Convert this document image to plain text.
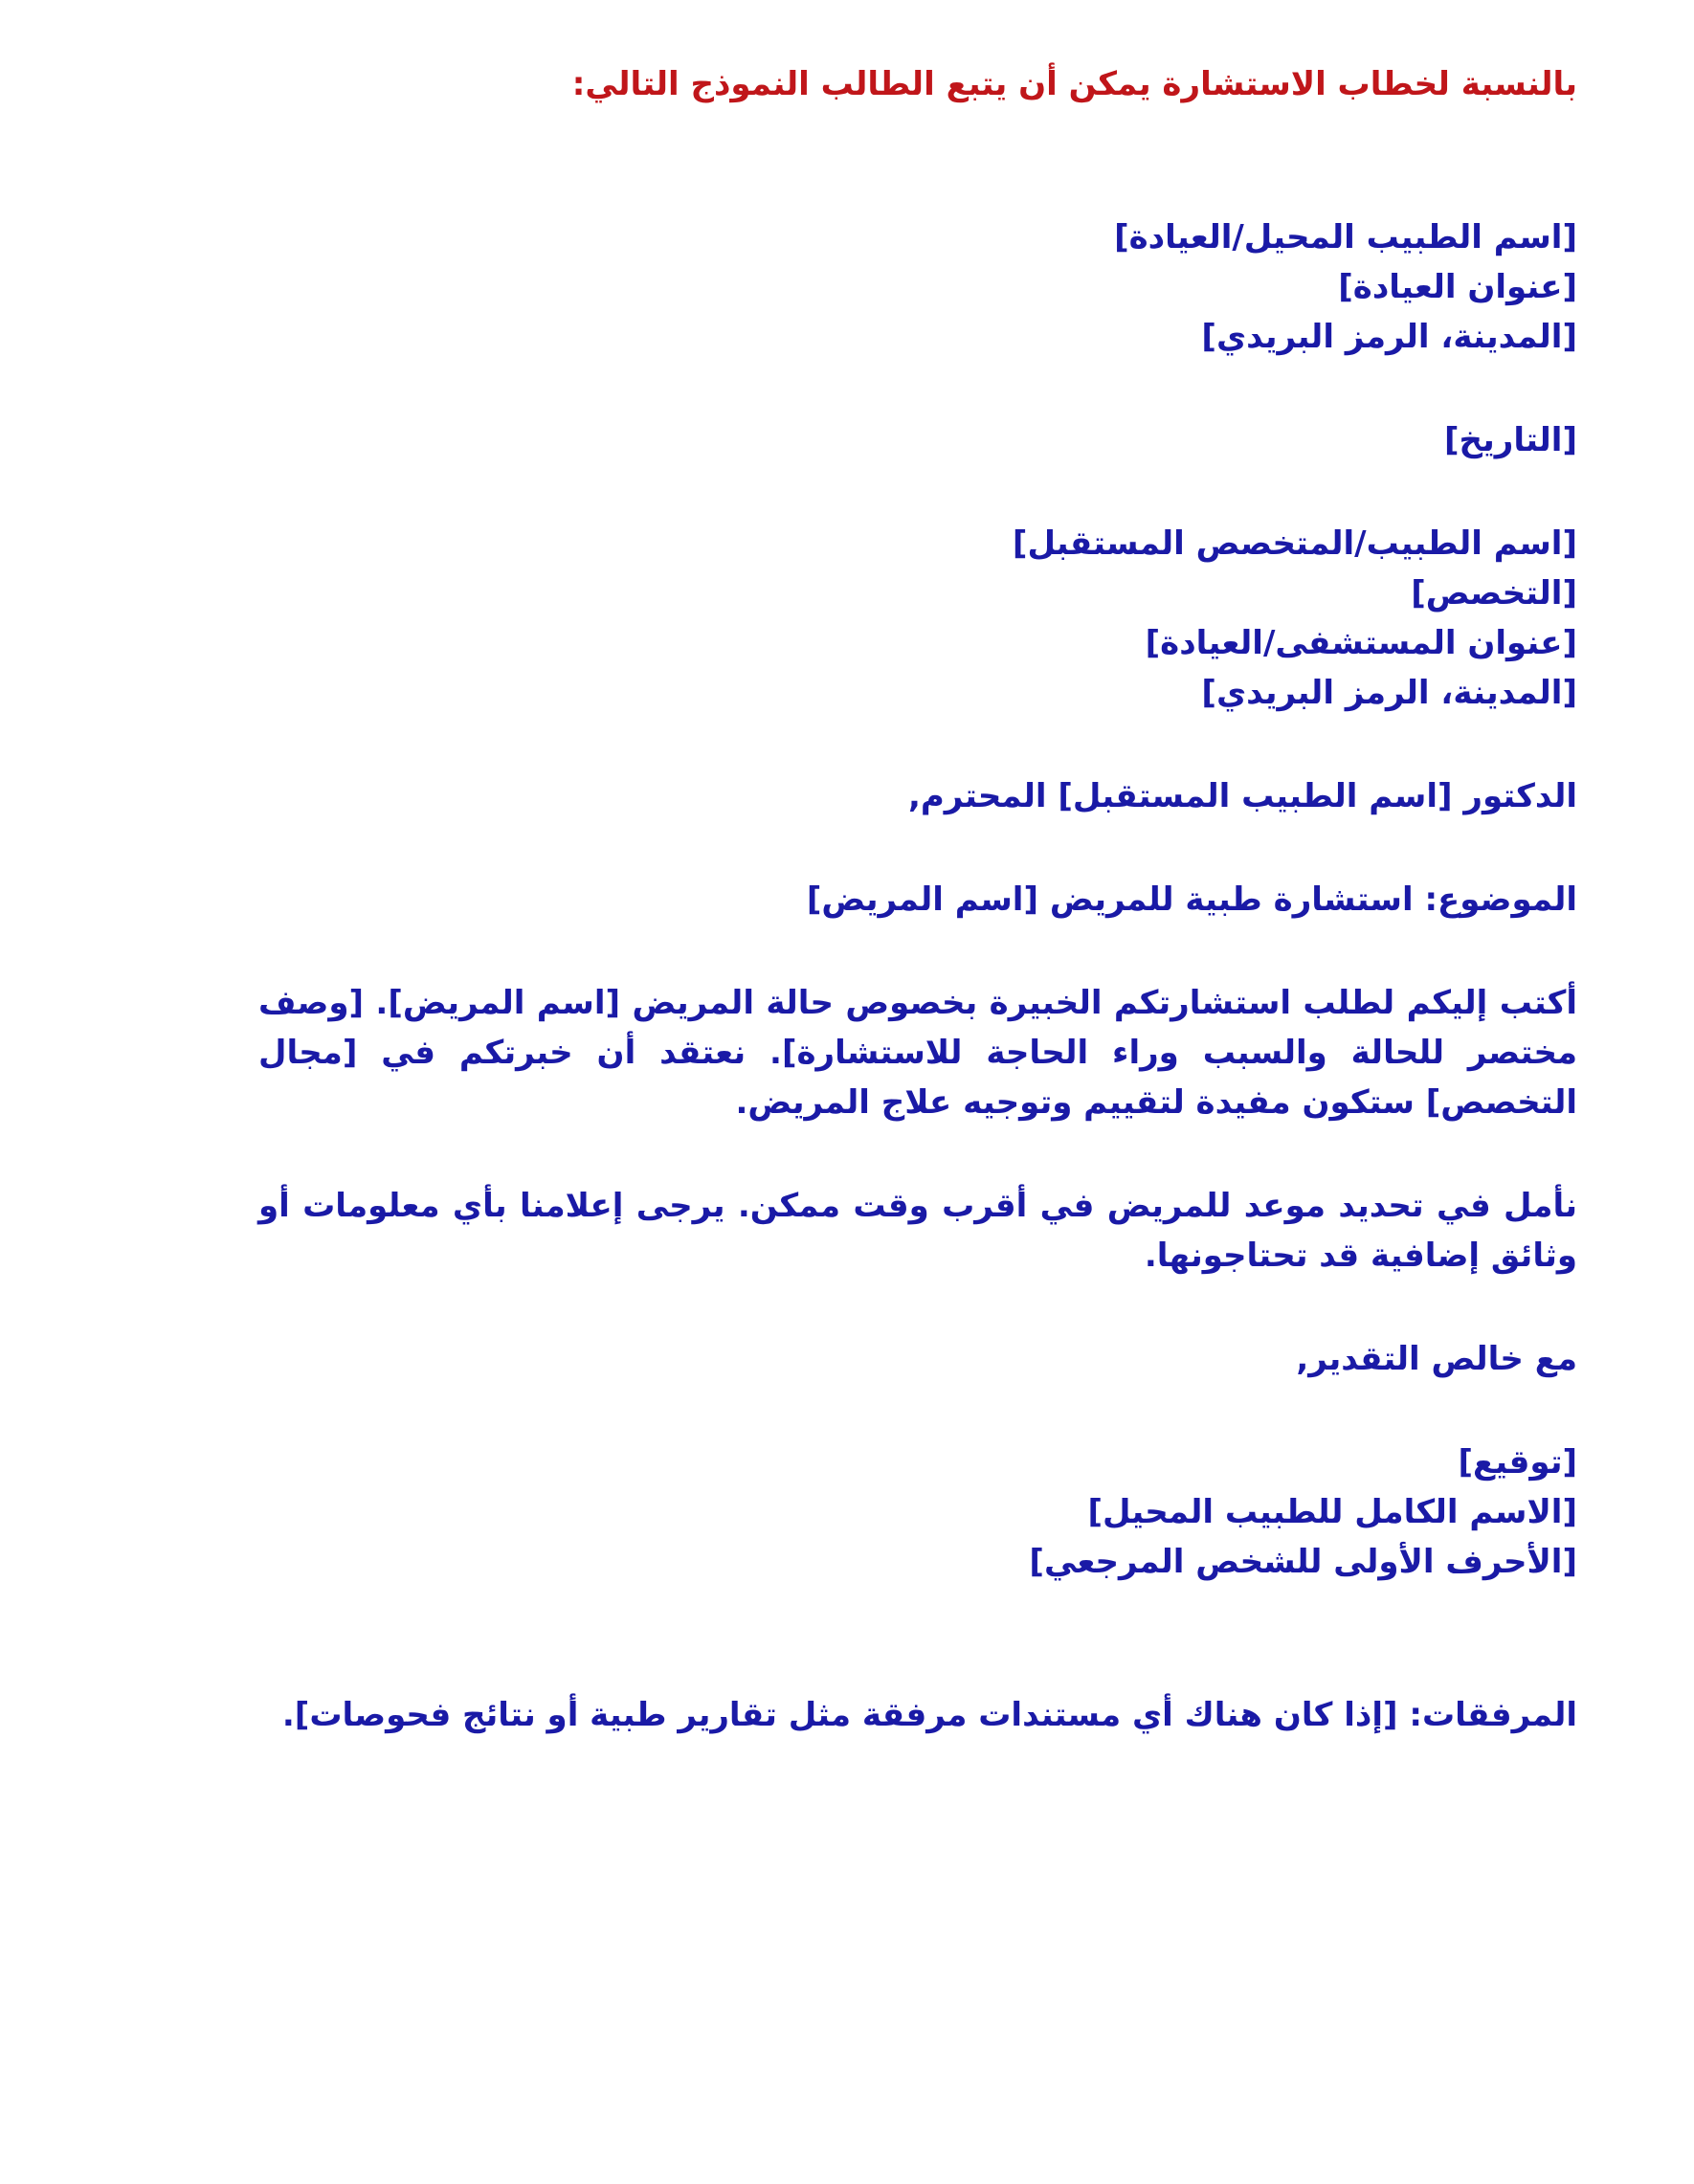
بالنسبة لخطاب الاستشارة يمكن أن يتبع الطالب النموذج التالي:

[اسم الطبيب المحيل/العيادة]

[عنوان العيادة]

[المدينة، الرمز البريدي]

[التاريخ]

[اسم الطبيب/المتخصص المستقبل]

[التخصص]

[عنوان المستشفى/العيادة]

[المدينة، الرمز البريدي]

الدكتور [اسم الطبيب المستقبل] المحترم,

الموضوع: استشارة طبية للمريض [اسم المريض]

أكتب إليكم لطلب استشارتكم الخبيرة بخصوص حالة المريض [اسم المريض]. [وصف مختصر للحالة والسبب وراء الحاجة للاستشارة]. نعتقد أن خبرتكم في [مجال التخصص] ستكون مفيدة لتقييم وتوجيه علاج المريض.

نأمل في تحديد موعد للمريض في أقرب وقت ممكن. يرجى إعلامنا بأي معلومات أو وثائق إضافية قد تحتاجونها.

مع خالص التقدير,

[توقيع]

[الاسم الكامل للطبيب المحيل]

[الأحرف الأولى للشخص المرجعي]

المرفقات: [إذا كان هناك أي مستندات مرفقة مثل تقارير طبية أو نتائج فحوصات].
